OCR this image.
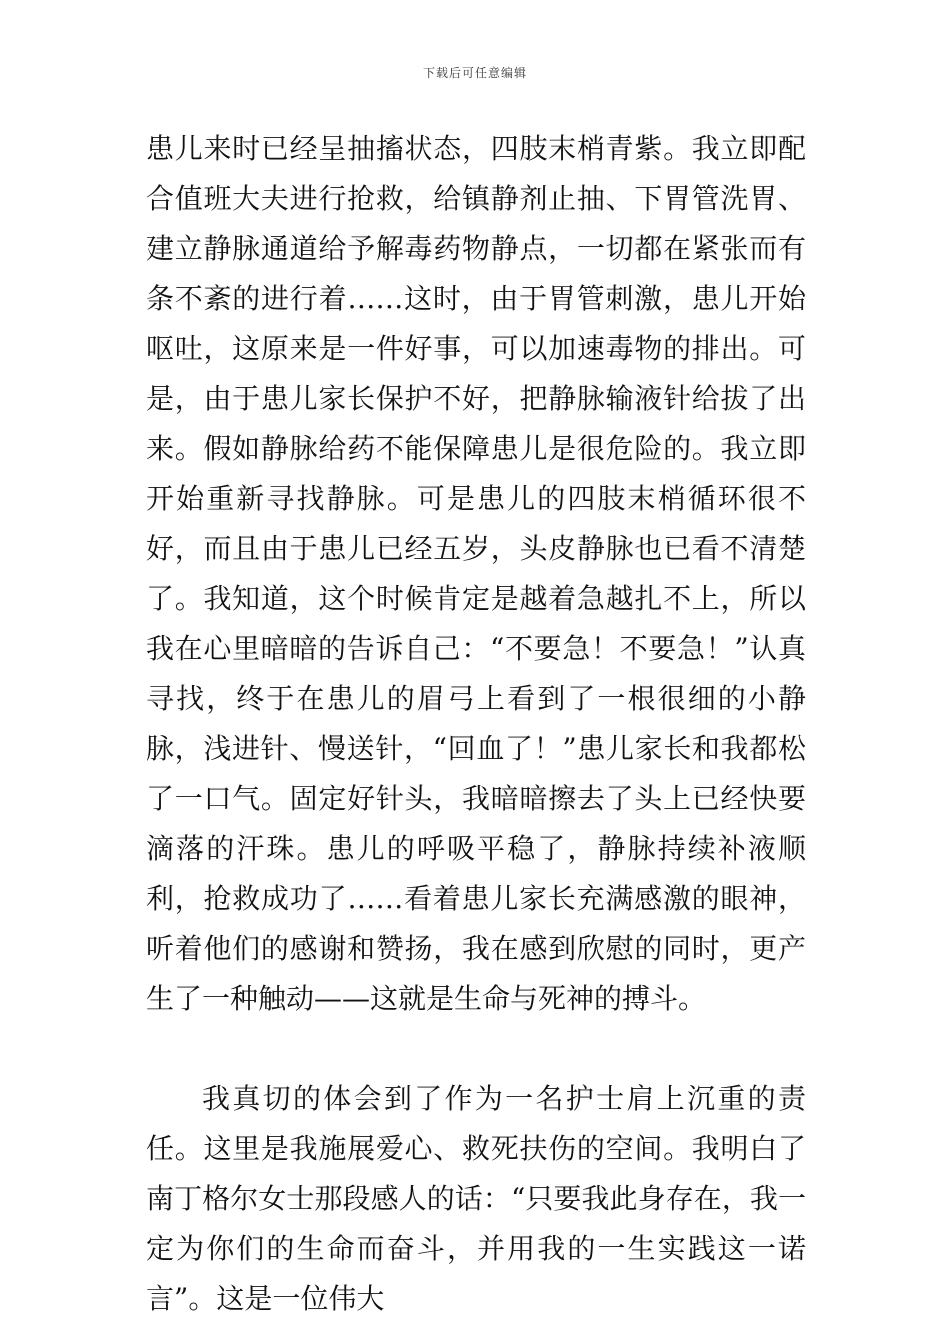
下载后可任意编辑

患儿来时已经呈抽搐状态，四肢末梢青紫。我立即配合值班大夫进行抢救，给镇静剂止抽、下胃管洗胃、建立静脉通道给予解毒药物静点，一切都在紧张而有条不紊的进行着……这时，由于胃管刺激，患儿开始呕吐，这原来是一件好事，可以加速毒物的排出。可是，由于患儿家长保护不好，把静脉输液针给拔了出来。假如静脉给药不能保障患儿是很危险的。我立即开始重新寻找静脉。可是患儿的四肢末梢循环很不好，而且由于患儿已经五岁，头皮静脉也已看不清楚了。我知道，这个时候肯定是越着急越扎不上，所以我在心里暗暗的告诉自己：“不要急！不要急！”认真寻找，终于在患儿的眉弓上看到了一根很细的小静脉，浅进针、慢送针，“回血了！”患儿家长和我都松了一口气。固定好针头，我暗暗擦去了头上已经快要滴落的汗珠。患儿的呼吸平稳了，静脉持续补液顺利，抢救成功了……看着患儿家长充满感激的眼神，听着他们的感谢和赞扬，我在感到欣慰的同时，更产生了一种触动——这就是生命与死神的搏斗。

我真切的体会到了作为一名护士肩上沉重的责任。这里是我施展爱心、救死扶伤的空间。我明白了南丁格尔女士那段感人的话：“只要我此身存在，我一定为你们的生命而奋斗，并用我的一生实践这一诺言”。这是一位伟大
